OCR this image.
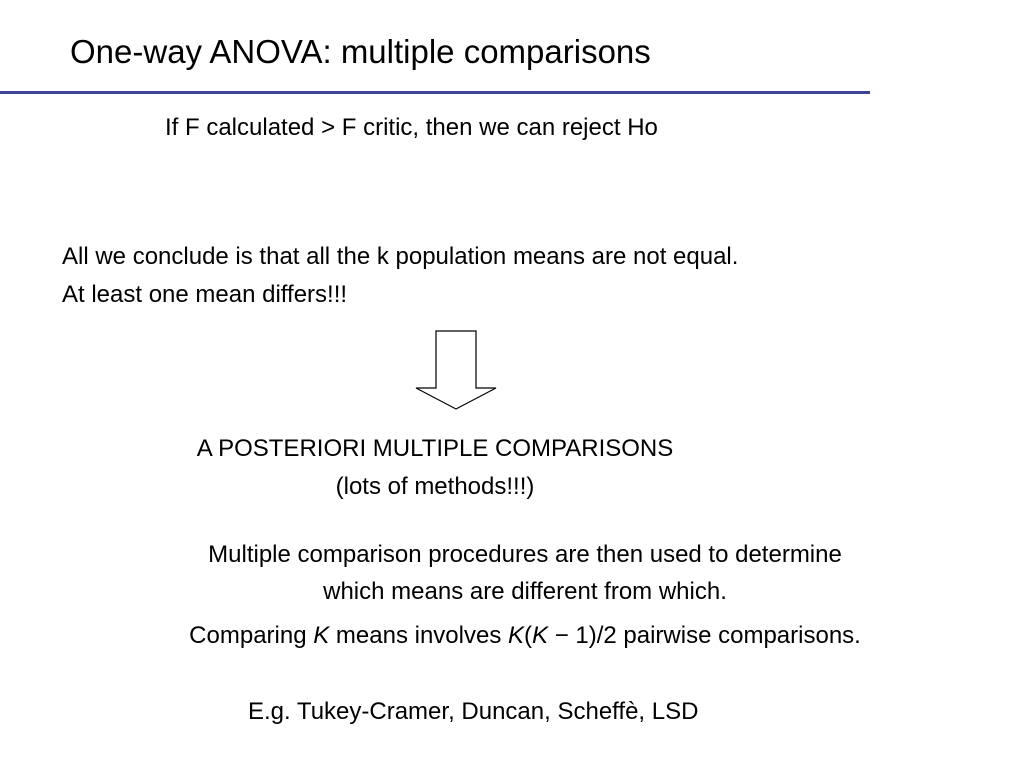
One-way ANOVA: multiple comparisons
If F calculated > F critic, then we can reject Ho
All we conclude is that all the k population means are not equal.
At least one mean differs!!!
A POSTERIORI MULTIPLE COMPARISONS
(lots of methods!!!)
Multiple comparison procedures are then used to determine
which means are different from which.
Comparing K means involves K(K − 1)/2 pairwise comparisons.
E.g. Tukey-Cramer, Duncan, Scheffè, LSD
